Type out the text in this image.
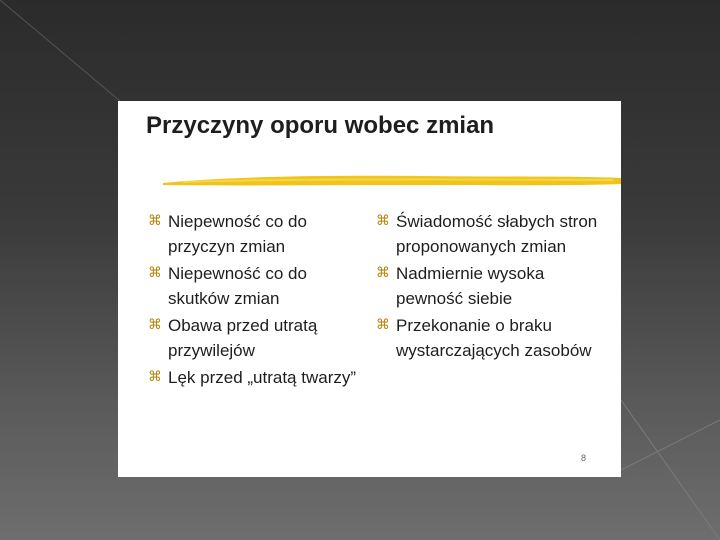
Przyczyny oporu wobec zmian
⌘ Niepewność co do przyczyn zmian
⌘ Niepewność co do skutków zmian
⌘ Obawa przed utratą przywilejów
⌘ Lęk przed „utratą twarzy”
⌘ Świadomość słabych stron proponowanych zmian
⌘ Nadmiernie wysoka pewność siebie
⌘ Przekonanie o braku wystarczających zasobów
8
